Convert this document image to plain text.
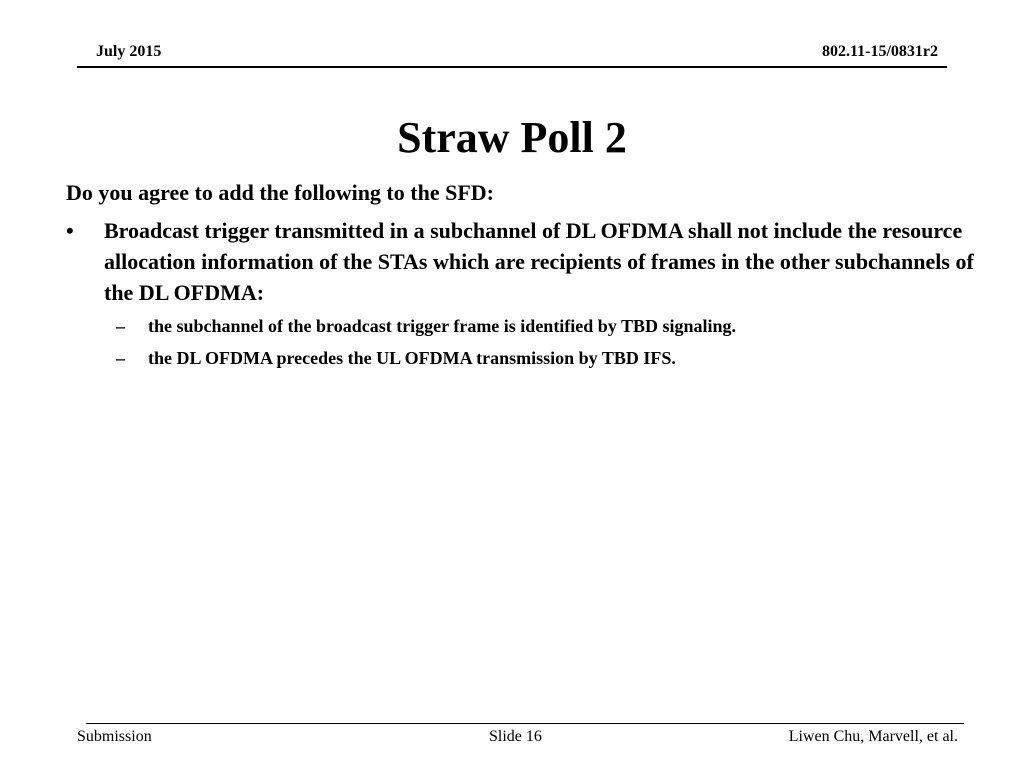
July 2015	802.11-15/0831r2
Straw Poll 2
Do you agree to add the following to the SFD:
•	Broadcast trigger transmitted in a subchannel of DL OFDMA shall not include the resource allocation information of the STAs which are recipients of frames in the other subchannels of the DL OFDMA:
– the subchannel of the broadcast trigger frame is identified by TBD signaling.
– the DL OFDMA precedes the UL OFDMA transmission by TBD IFS.
Submission	Slide 16	Liwen Chu, Marvell, et al.
